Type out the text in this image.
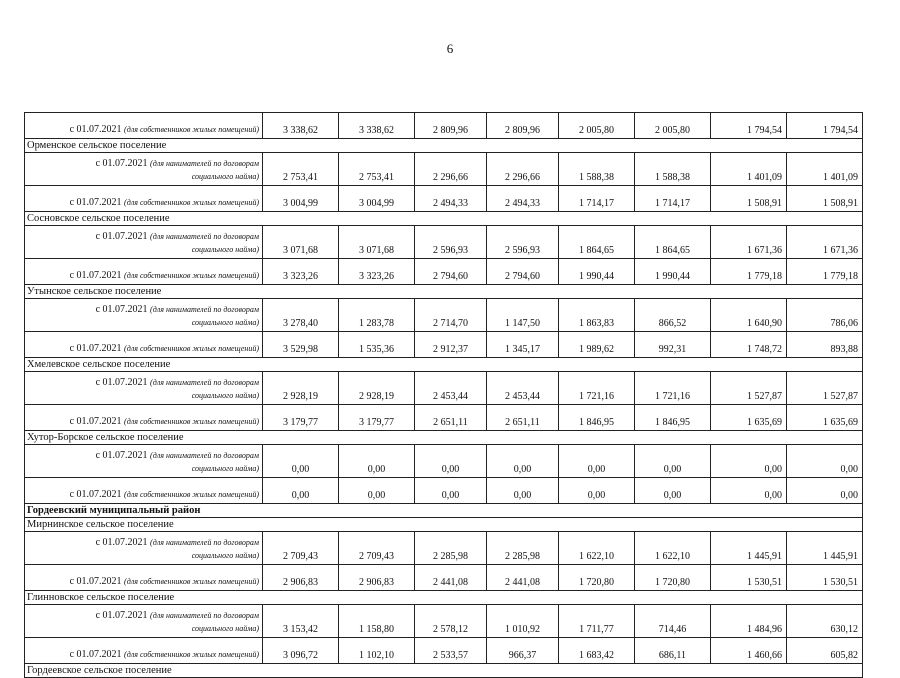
6
с 01.07.2021 (для собственников жилых помещений)	3 338,62	3 338,62	2 809,96	2 809,96	2 005,80	2 005,80	1 794,54	1 794,54
Орменское сельское поселение								
с 01.07.2021 (для нанимателей по договорам
социального найма)	2 753,41	2 753,41	2 296,66	2 296,66	1 588,38	1 588,38	1 401,09	1 401,09
с 01.07.2021 (для собственников жилых помещений)	3 004,99	3 004,99	2 494,33	2 494,33	1 714,17	1 714,17	1 508,91	1 508,91
Сосновское сельское поселение								
с 01.07.2021 (для нанимателей по договорам
социального найма)	3 071,68	3 071,68	2 596,93	2 596,93	1 864,65	1 864,65	1 671,36	1 671,36
с 01.07.2021 (для собственников жилых помещений)	3 323,26	3 323,26	2 794,60	2 794,60	1 990,44	1 990,44	1 779,18	1 779,18
Утынское сельское поселение								
с 01.07.2021 (для нанимателей по договорам
социального найма)	3 278,40	1 283,78	2 714,70	1 147,50	1 863,83	866,52	1 640,90	786,06
с 01.07.2021 (для собственников жилых помещений)	3 529,98	1 535,36	2 912,37	1 345,17	1 989,62	992,31	1 748,72	893,88
Хмелевское сельское поселение								
с 01.07.2021 (для нанимателей по договорам
социального найма)	2 928,19	2 928,19	2 453,44	2 453,44	1 721,16	1 721,16	1 527,87	1 527,87
с 01.07.2021 (для собственников жилых помещений)	3 179,77	3 179,77	2 651,11	2 651,11	1 846,95	1 846,95	1 635,69	1 635,69
Хутор-Борское сельское поселение								
с 01.07.2021 (для нанимателей по договорам
социального найма)	0,00	0,00	0,00	0,00	0,00	0,00	0,00	0,00
с 01.07.2021 (для собственников жилых помещений)	0,00	0,00	0,00	0,00	0,00	0,00	0,00	0,00
Гордеевский муниципальный район								
Мирнинское сельское поселение								
с 01.07.2021 (для нанимателей по договорам
социального найма)	2 709,43	2 709,43	2 285,98	2 285,98	1 622,10	1 622,10	1 445,91	1 445,91
с 01.07.2021 (для собственников жилых помещений)	2 906,83	2 906,83	2 441,08	2 441,08	1 720,80	1 720,80	1 530,51	1 530,51
Глинновское сельское поселение								
с 01.07.2021 (для нанимателей по договорам
социального найма)	3 153,42	1 158,80	2 578,12	1 010,92	1 711,77	714,46	1 484,96	630,12
с 01.07.2021 (для собственников жилых помещений)	3 096,72	1 102,10	2 533,57	966,37	1 683,42	686,11	1 460,66	605,82
Гордеевское сельское поселение								
